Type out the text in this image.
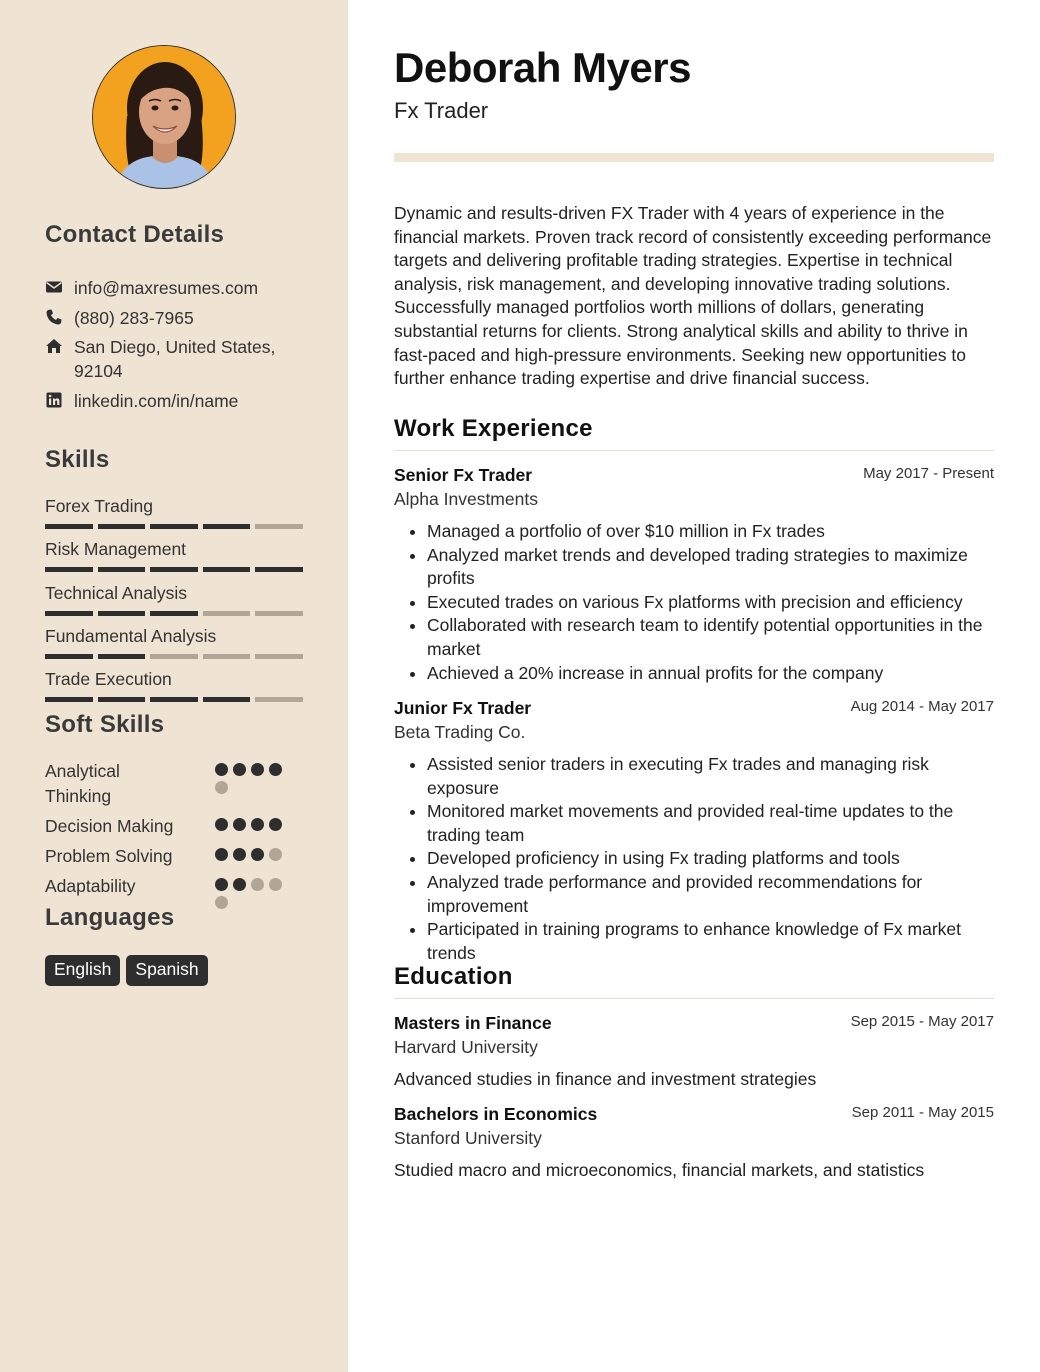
Contact Details
info@maxresumes.com
(880) 283-7965
San Diego, United States, 92104
linkedin.com/in/name
Skills
Forex Trading
Risk Management
Technical Analysis
Fundamental Analysis
Trade Execution
Soft Skills
Analytical Thinking
Decision Making
Problem Solving
Adaptability
Languages
English	Spanish
Deborah Myers
Fx Trader

Dynamic and results-driven FX Trader with 4 years of experience in the financial markets. Proven track record of consistently exceeding performance targets and delivering profitable trading strategies. Expertise in technical analysis, risk management, and developing innovative trading solutions. Successfully managed portfolios worth millions of dollars, generating substantial returns for clients. Strong analytical skills and ability to thrive in fast-paced and high-pressure environments. Seeking new opportunities to further enhance trading expertise and drive financial success.

Work Experience
Senior Fx Trader	May 2017 - Present
Alpha Investments
• Managed a portfolio of over $10 million in Fx trades
• Analyzed market trends and developed trading strategies to maximize profits
• Executed trades on various Fx platforms with precision and efficiency
• Collaborated with research team to identify potential opportunities in the market
• Achieved a 20% increase in annual profits for the company
Junior Fx Trader	Aug 2014 - May 2017
Beta Trading Co.
• Assisted senior traders in executing Fx trades and managing risk exposure
• Monitored market movements and provided real-time updates to the trading team
• Developed proficiency in using Fx trading platforms and tools
• Analyzed trade performance and provided recommendations for improvement
• Participated in training programs to enhance knowledge of Fx market trends
Education
Masters in Finance	Sep 2015 - May 2017
Harvard University
Advanced studies in finance and investment strategies
Bachelors in Economics	Sep 2011 - May 2015
Stanford University
Studied macro and microeconomics, financial markets, and statistics
